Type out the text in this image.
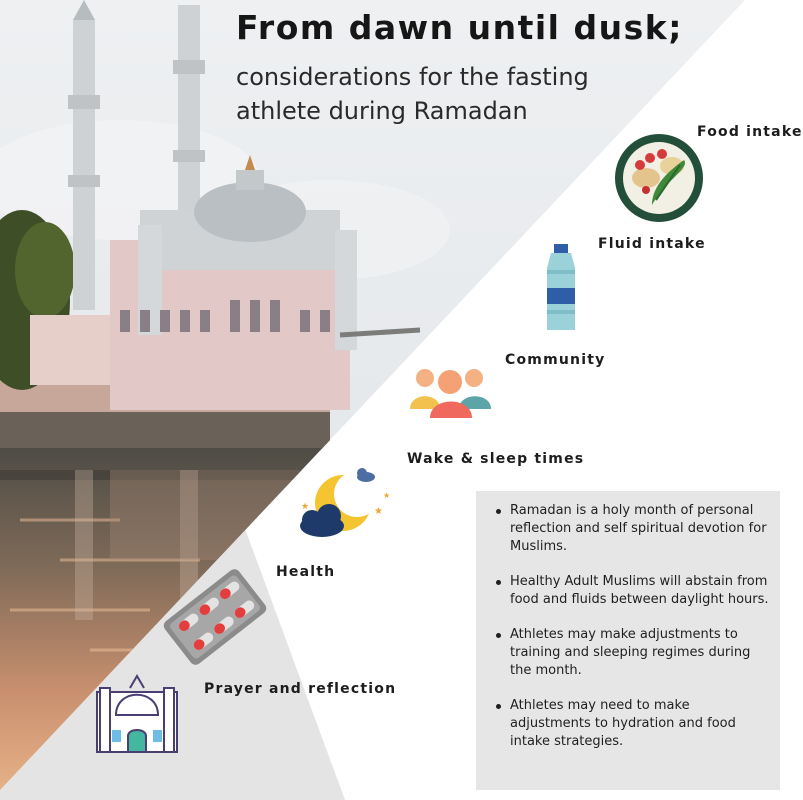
★
★
★
From dawn until dusk;
considerations for the fasting athlete during Ramadan
Food intake
Fluid intake
Community
Wake & sleep times
Health
Prayer and reflection
Ramadan is a holy month of personal reflection and self spiritual devotion for Muslims.
Healthy Adult Muslims will abstain from food and fluids between daylight hours.
Athletes may make adjustments to training and sleeping regimes during the month.
Athletes may need to make adjustments to hydration and food intake strategies.
